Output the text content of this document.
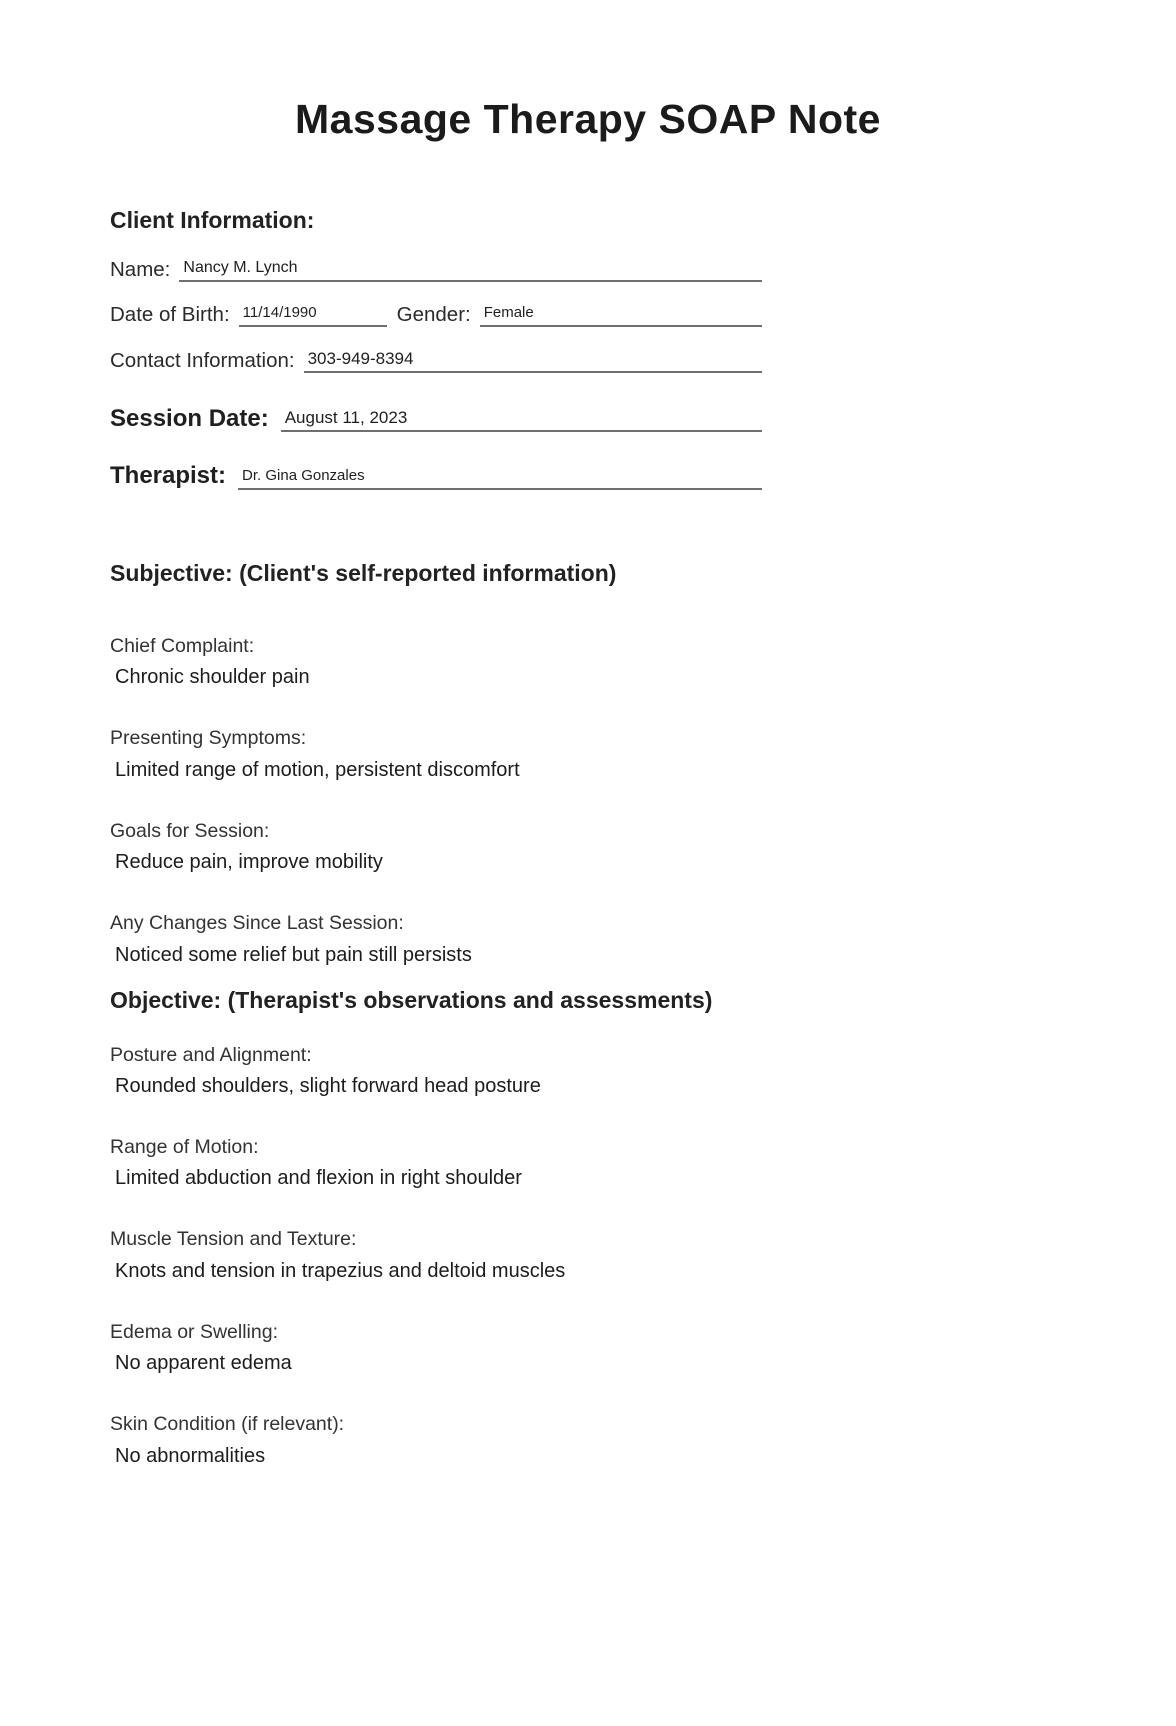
Massage Therapy SOAP Note
Client Information:
Name: Nancy M. Lynch
Date of Birth: 11/14/1990	Gender: Female
Contact Information: 303-949-8394
Session Date: August 11, 2023
Therapist:	Dr. Gina Gonzales
Subjective: (Client's self-reported information)
Chief Complaint:
Chronic shoulder pain
Presenting Symptoms:
Limited range of motion, persistent discomfort
Goals for Session:
Reduce pain, improve mobility
Any Changes Since Last Session:
Noticed some relief but pain still persists
Objective: (Therapist's observations and assessments)
Posture and Alignment:
Rounded shoulders, slight forward head posture
Range of Motion:
Limited abduction and flexion in right shoulder
Muscle Tension and Texture:
Knots and tension in trapezius and deltoid muscles
Edema or Swelling:
No apparent edema
Skin Condition (if relevant):
No abnormalities
